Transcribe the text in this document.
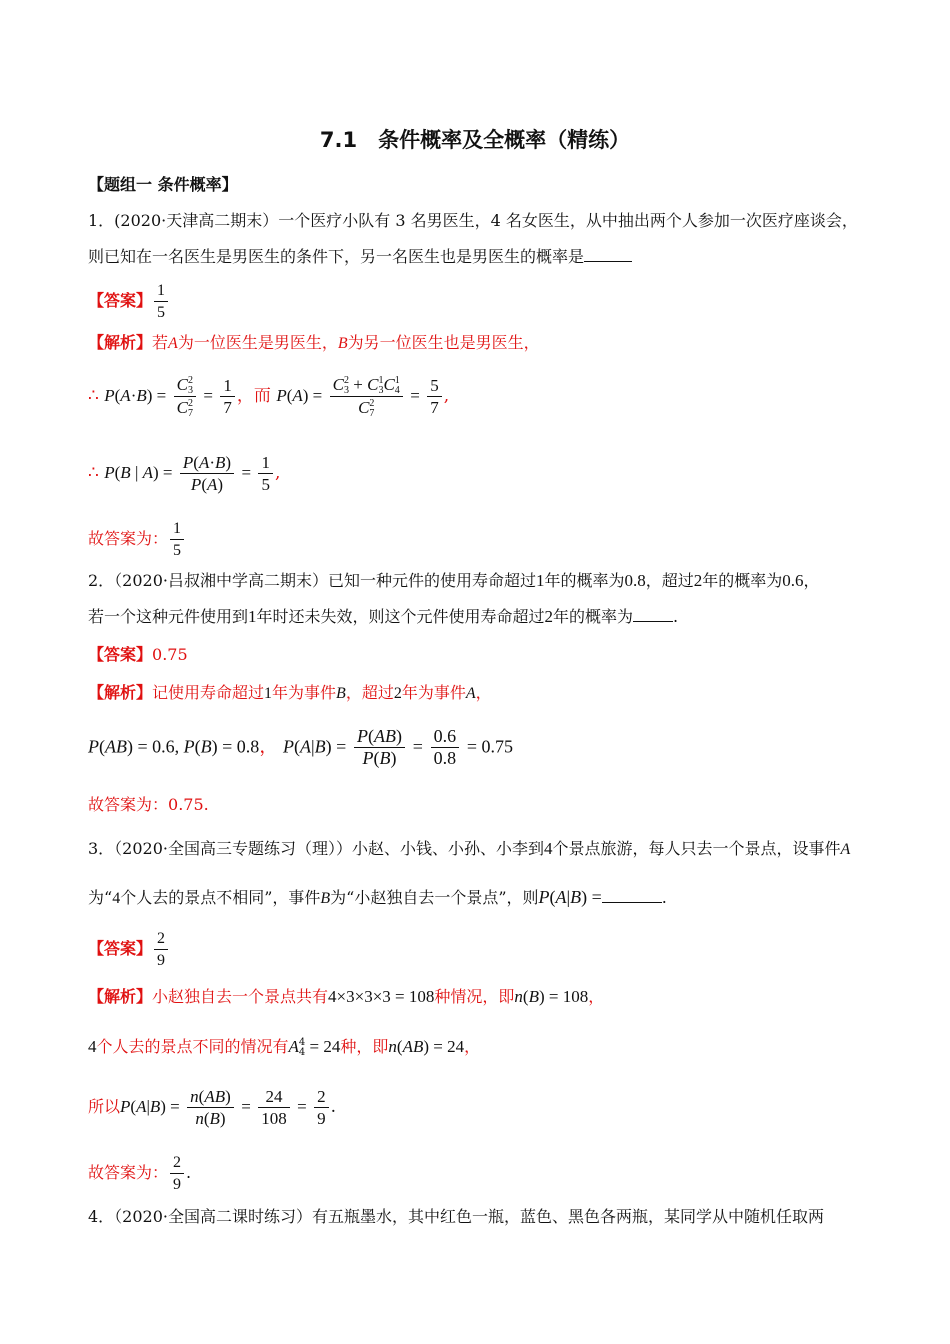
7.1　条件概率及全概率（精练）
【题组一 条件概率】
1．(2020·天津高二期末）一个医疗小队有 3 名男医生，4 名女医生，从中抽出两个人参加一次医疗座谈会，
则已知在一名医生是男医生的条件下，另一名医生也是男医生的概率是
【答案】 $\frac{1}{5}$
【解析】若A为一位医生是男医生，B为另一位医生也是男医生，
∴ P(A·B) = C 2
3
C 2
$7 = \frac{1}{7}$ ，而 P(A) = C 2
3 + C 1
3 C 1
4
C 2
$7 = \frac{5}{7}$ ,
∴ P(B | $A) = \frac{P(A\cdot B)}{P(A)} = \frac{1}{5}$ ,
故答案为： $\frac{1}{5}$
2．（2020·吕叔湘中学高二期末）已知一种元件的使用寿命超过1年的概率为0.8，超过2年的概率为0.6，
若一个这种元件使用到1年时还未失效，则这个元件使用寿命超过2年的概率为	.
【答案】0.75
【解析】记使用寿命超过1年为事件B，超过2年为事件A，
P(AB) = 0.6, P(B) = 0.8， $P(A|B) = \frac{P(AB)}{P(B)} = \frac{0.6}{0.8} = 0.75$
故答案为：0.75.
3．（2020·全国高三专题练习（理））小赵、小钱、小孙、小李到4个景点旅游，每人只去一个景点，设事件A
为“4个人去的景点不相同”，事件B为“小赵独自去一个景点”，则P(A|B) =	.
【答案】 $\frac{2}{9}$
【解析】小赵独自去一个景点共有4×3×3×3 = 108种情况，即n(B) = 108，
4个人去的景点不同的情况有A 4
4 = 24种，即n(AB) = 24，
所以$P(A|B) = \frac{n(AB)}{n(B)} = \frac{24}{108} = \frac{2}{9}$ .
故答案为： $\frac{2}{9}$ .
4．（2020·全国高二课时练习）有五瓶墨水，其中红色一瓶，蓝色、黑色各两瓶，某同学从中随机任取两
